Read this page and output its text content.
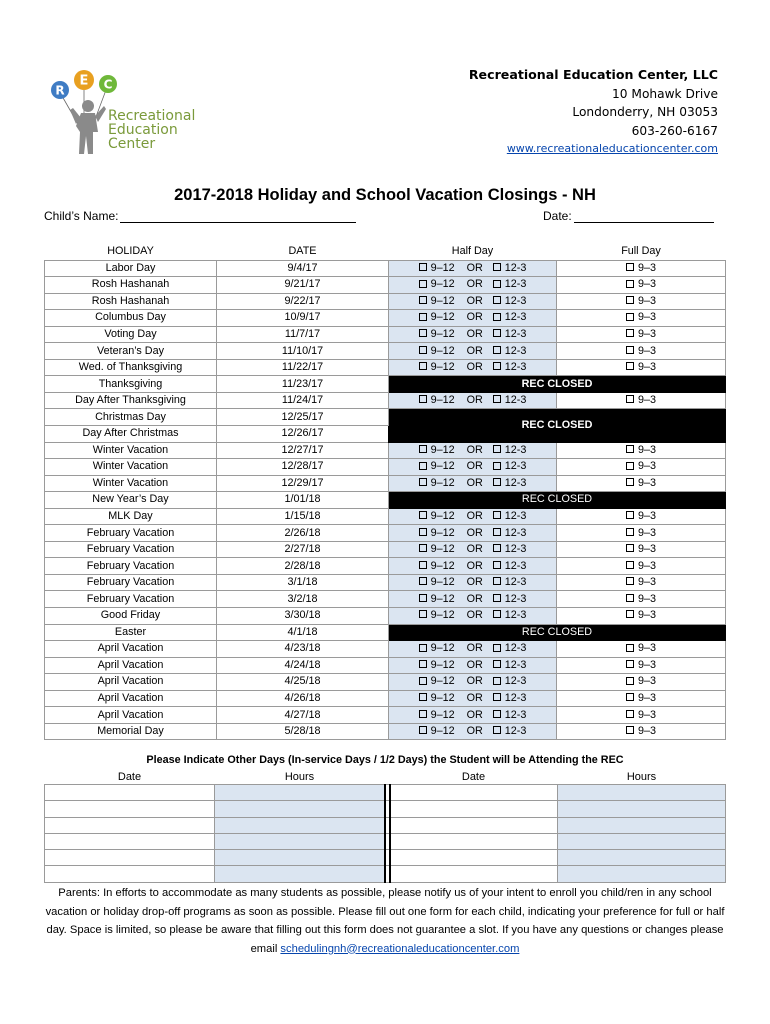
R
E C
Recreational
Education
Center
Recreational Education Center, LLC
10 Mohawk Drive
Londonderry, NH 03053
603-260-6167
www.recreationaleducationcenter.com
2017-2018 Holiday and School Vacation Closings - NH
Child’s Name:	Date:
HOLIDAY	DATE	Half Day	Full Day
Labor Day	9/4/17	9–12 OR 12-3	9–3
Rosh Hashanah	9/21/17	9–12 OR 12-3	9–3
Rosh Hashanah	9/22/17	9–12 OR 12-3	9–3
Columbus Day	10/9/17	9–12 OR 12-3	9–3
Voting Day	11/7/17	9–12 OR 12-3	9–3
Veteran’s Day	11/10/17	9–12 OR 12-3	9–3
Wed. of Thanksgiving	11/22/17	9–12 OR 12-3	9–3
Thanksgiving	11/23/17	REC CLOSED	
Day After Thanksgiving	11/24/17	9–12 OR 12-3	9–3
Christmas Day	12/25/17	REC CLOSED	
Day After Christmas	12/26/17		
Winter Vacation	12/27/17	9–12 OR 12-3	9–3
Winter Vacation	12/28/17	9–12 OR 12-3	9–3
Winter Vacation	12/29/17	9–12 OR 12-3	9–3
New Year’s Day	1/01/18	REC CLOSED	
MLK Day	1/15/18	9–12 OR 12-3	9–3
February Vacation	2/26/18	9–12 OR 12-3	9–3
February Vacation	2/27/18	9–12 OR 12-3	9–3
February Vacation	2/28/18	9–12 OR 12-3	9–3
February Vacation	3/1/18	9–12 OR 12-3	9–3
February Vacation	3/2/18	9–12 OR 12-3	9–3
Good Friday	3/30/18	9–12 OR 12-3	9–3
Easter	4/1/18	REC CLOSED	
April Vacation	4/23/18	9–12 OR 12-3	9–3
April Vacation	4/24/18	9–12 OR 12-3	9–3
April Vacation	4/25/18	9–12 OR 12-3	9–3
April Vacation	4/26/18	9–12 OR 12-3	9–3
April Vacation	4/27/18	9–12 OR 12-3	9–3
Memorial Day	5/28/18	9–12 OR 12-3	9–3
Please Indicate Other Days (In-service Days / 1/2 Days) the Student will be Attending the REC
Date	Hours		Date	Hours

Parents: In efforts to accommodate as many students as possible, please notify us of your intent to enroll you child/ren in any school vacation or holiday drop-off programs as soon as possible. Please fill out one form for each child, indicating your preference for full or half day. Space is limited, so please be aware that filling out this form does not guarantee a slot. If you have any questions or changes please email schedulingnh@recreationaleducationcenter.com
